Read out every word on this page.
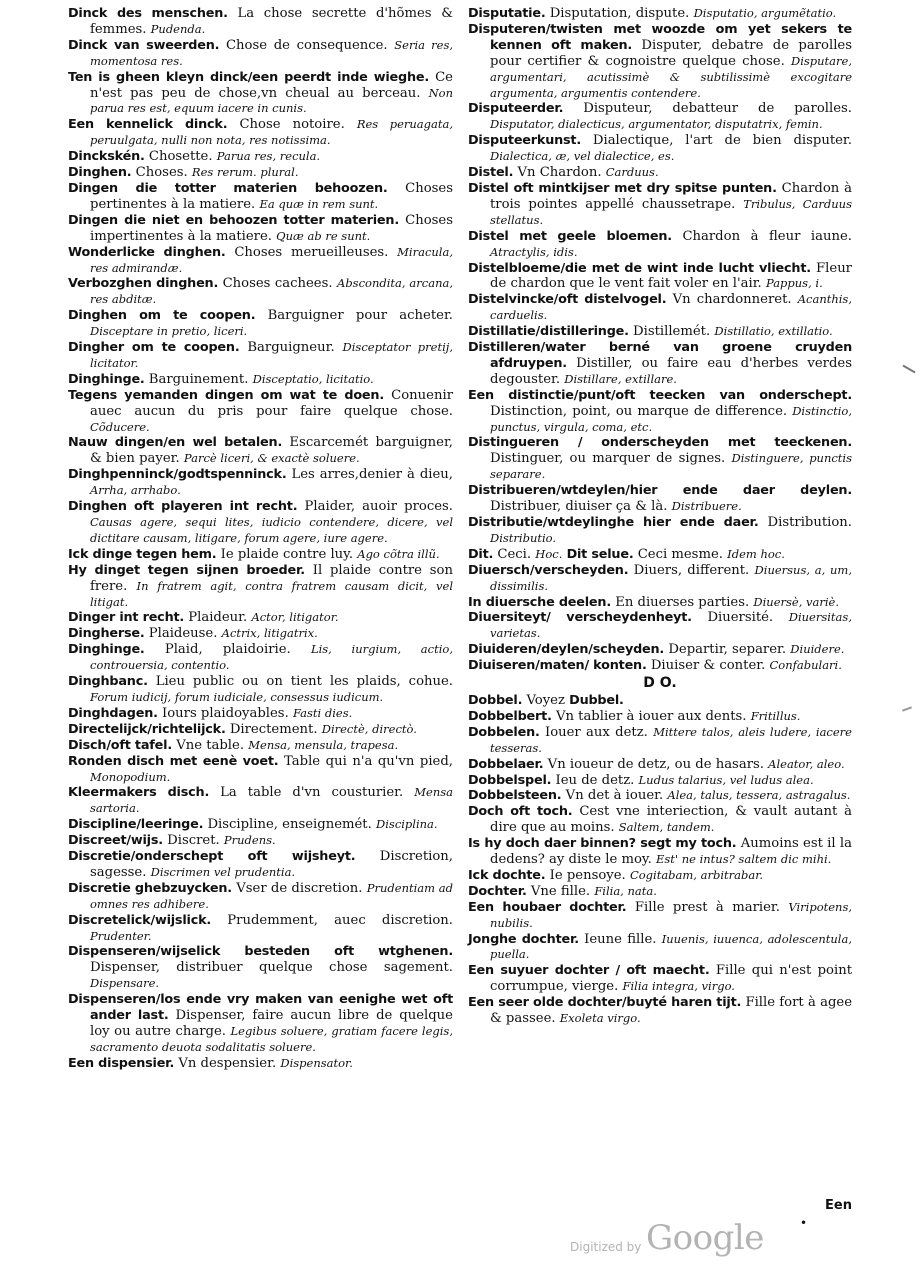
Dinck des menschen. La chose secrette d'hõmes & femmes. Pudenda.
Dinck van sweerden. Chose de consequence. Seria res, momentosa res.
Ten is gheen kleyn dinck/een peerdt inde wieghe. Ce n'est pas peu de chose,vn cheual au berceau. Non parua res est, equum iacere in cunis.
Een kennelick dinck. Chose notoire. Res peruagata, peruulgata, nulli non nota, res notissima.
Dinckskén. Chosette. Parua res, recula.
Dinghen. Choses. Res rerum. plural.
Dingen die totter materien behoozen. Choses pertinentes à la matiere. Ea quæ in rem sunt.
Dingen die niet en behoozen totter materien. Choses impertinentes à la matiere. Quæ ab re sunt.
Wonderlicke dinghen. Choses merueilleuses. Miracula, res admirandæ.
Verbozghen dinghen. Choses cachees. Abscondita, arcana, res abditæ.
Dinghen om te coopen. Barguigner pour acheter. Disceptare in pretio, liceri.
Dingher om te coopen. Barguigneur. Disceptator pretij, licitator.
Dinghinge. Barguinement. Disceptatio, licitatio.
Tegens yemanden dingen om wat te doen. Conuenir auec aucun du pris pour faire quelque chose. Cõducere.
Nauw dingen/en wel betalen. Escarcemét barguigner, & bien payer. Parcè liceri, & exactè soluere.
Dinghpenninck/godtspenninck. Les arres,denier à dieu, Arrha, arrhabo.
Dinghen oft playeren int recht. Plaider, auoir proces. Causas agere, sequi lites, iudicio contendere, dicere, vel dictitare causam, litigare, forum agere, iure agere.
Ick dinge tegen hem. Ie plaide contre luy. Ago cõtra illũ.
Hy dinget tegen sijnen broeder. Il plaide contre son frere. In fratrem agit, contra fratrem causam dicit, vel litigat.
Dinger int recht. Plaideur. Actor, litigator.
Dingherse. Plaideuse. Actrix, litigatrix.
Dinghinge. Plaid, plaidoirie. Lis, iurgium, actio, controuersia, contentio.
Dinghbanc. Lieu public ou on tient les plaids, cohue. Forum iudicij, forum iudiciale, consessus iudicum.
Dinghdagen. Iours plaidoyables. Fasti dies.
Directelijck/richtelijck. Directement. Directè, directò.
Disch/oft tafel. Vne table. Mensa, mensula, trapesa.
Ronden disch met eenè voet. Table qui n'a qu'vn pied, Monopodium.
Kleermakers disch. La table d'vn cousturier. Mensa sartoria.
Discipline/leeringe. Discipline, enseignemét. Disciplina.
Discreet/wijs. Discret. Prudens.
Discretie/onderschept oft wijsheyt. Discretion, sagesse. Discrimen vel prudentia.
Discretie ghebzuycken. Vser de discretion. Prudentiam ad omnes res adhibere.
Discretelick/wijslick. Prudemment, auec discretion. Prudenter.
Dispenseren/wijselick besteden oft wtghenen. Dispenser, distribuer quelque chose sagement. Dispensare.
Dispenseren/los ende vry maken van eenighe wet oft ander last. Dispenser, faire aucun libre de quelque loy ou autre charge. Legibus soluere, gratiam facere legis, sacramento deuota sodalitatis soluere.
Een dispensier. Vn despensier. Dispensator.
Disputatie. Disputation, dispute. Disputatio, argumẽtatio.
Disputeren/twisten met woozde om yet sekers te kennen oft maken. Disputer, debatre de parolles pour certifier & cognoistre quelque chose. Disputare, argumentari, acutissimè & subtilissimè excogitare argumenta, argumentis contendere.
Disputeerder. Disputeur, debatteur de parolles. Disputator, dialecticus, argumentator, disputatrix, femin.
Disputeerkunst. Dialectique, l'art de bien disputer. Dialectica, æ, vel dialectice, es.
Distel. Vn Chardon. Carduus.
Distel oft mintkijser met dry spitse punten. Chardon à trois pointes appellé chaussetrape. Tribulus, Carduus stellatus.
Distel met geele bloemen. Chardon à fleur iaune. Atractylis, idis.
Distelbloeme/die met de wint inde lucht vliecht. Fleur de chardon que le vent fait voler en l'air. Pappus, i.
Distelvincke/oft distelvogel. Vn chardonneret. Acanthis, carduelis.
Distillatie/distilleringe. Distillemét. Distillatio, extillatio.
Distilleren/water berné van groene cruyden afdruypen. Distiller, ou faire eau d'herbes verdes degouster. Distillare, extillare.
Een distinctie/punt/oft teecken van onderschept. Distinction, point, ou marque de difference. Distinctio, punctus, virgula, coma, etc.
Distingueren / onderscheyden met teeckenen. Distinguer, ou marquer de signes. Distinguere, punctis separare.
Distribueren/wtdeylen/hier ende daer deylen. Distribuer, diuiser ça & là. Distribuere.
Distributie/wtdeylinghe hier ende daer. Distribution. Distributio.
Dit. Ceci. Hoc. Dit selue. Ceci mesme. Idem hoc.
Diuersch/verscheyden. Diuers, different. Diuersus, a, um, dissimilis.
In diuersche deelen. En diuerses parties. Diuersè, variè.
Diuersiteyt/ verscheydenheyt. Diuersité. Diuersitas, varietas.
Diuideren/deylen/scheyden. Departir, separer. Diuidere.
Diuiseren/maten/ konten. Diuiser & conter. Confabulari.
D O.
Dobbel. Voyez Dubbel.
Dobbelbert. Vn tablier à iouer aux dents. Fritillus.
Dobbelen. Iouer aux detz. Mittere talos, aleis ludere, iacere tesseras.
Dobbelaer. Vn ioueur de detz, ou de hasars. Aleator, aleo.
Dobbelspel. Ieu de detz. Ludus talarius, vel ludus alea.
Dobbelsteen. Vn det à iouer. Alea, talus, tessera, astragalus.
Doch oft toch. Cest vne interiection, & vault autant à dire que au moins. Saltem, tandem.
Is hy doch daer binnen? segt my toch. Aumoins est il la dedens? ay diste le moy. Est' ne intus? saltem dic mihi.
Ick dochte. Ie pensoye. Cogitabam, arbitrabar.
Dochter. Vne fille. Filia, nata.
Een houbaer dochter. Fille prest à marier. Viripotens, nubilis.
Jonghe dochter. Ieune fille. Iuuenis, iuuenca, adolescentula, puella.
Een suyuer dochter / oft maecht. Fille qui n'est point corrumpue, vierge. Filia integra, virgo.
Een seer olde dochter/buyté haren tijt. Fille fort à agee & passee. Exoleta virgo.
Een
•
Digitized by Google
